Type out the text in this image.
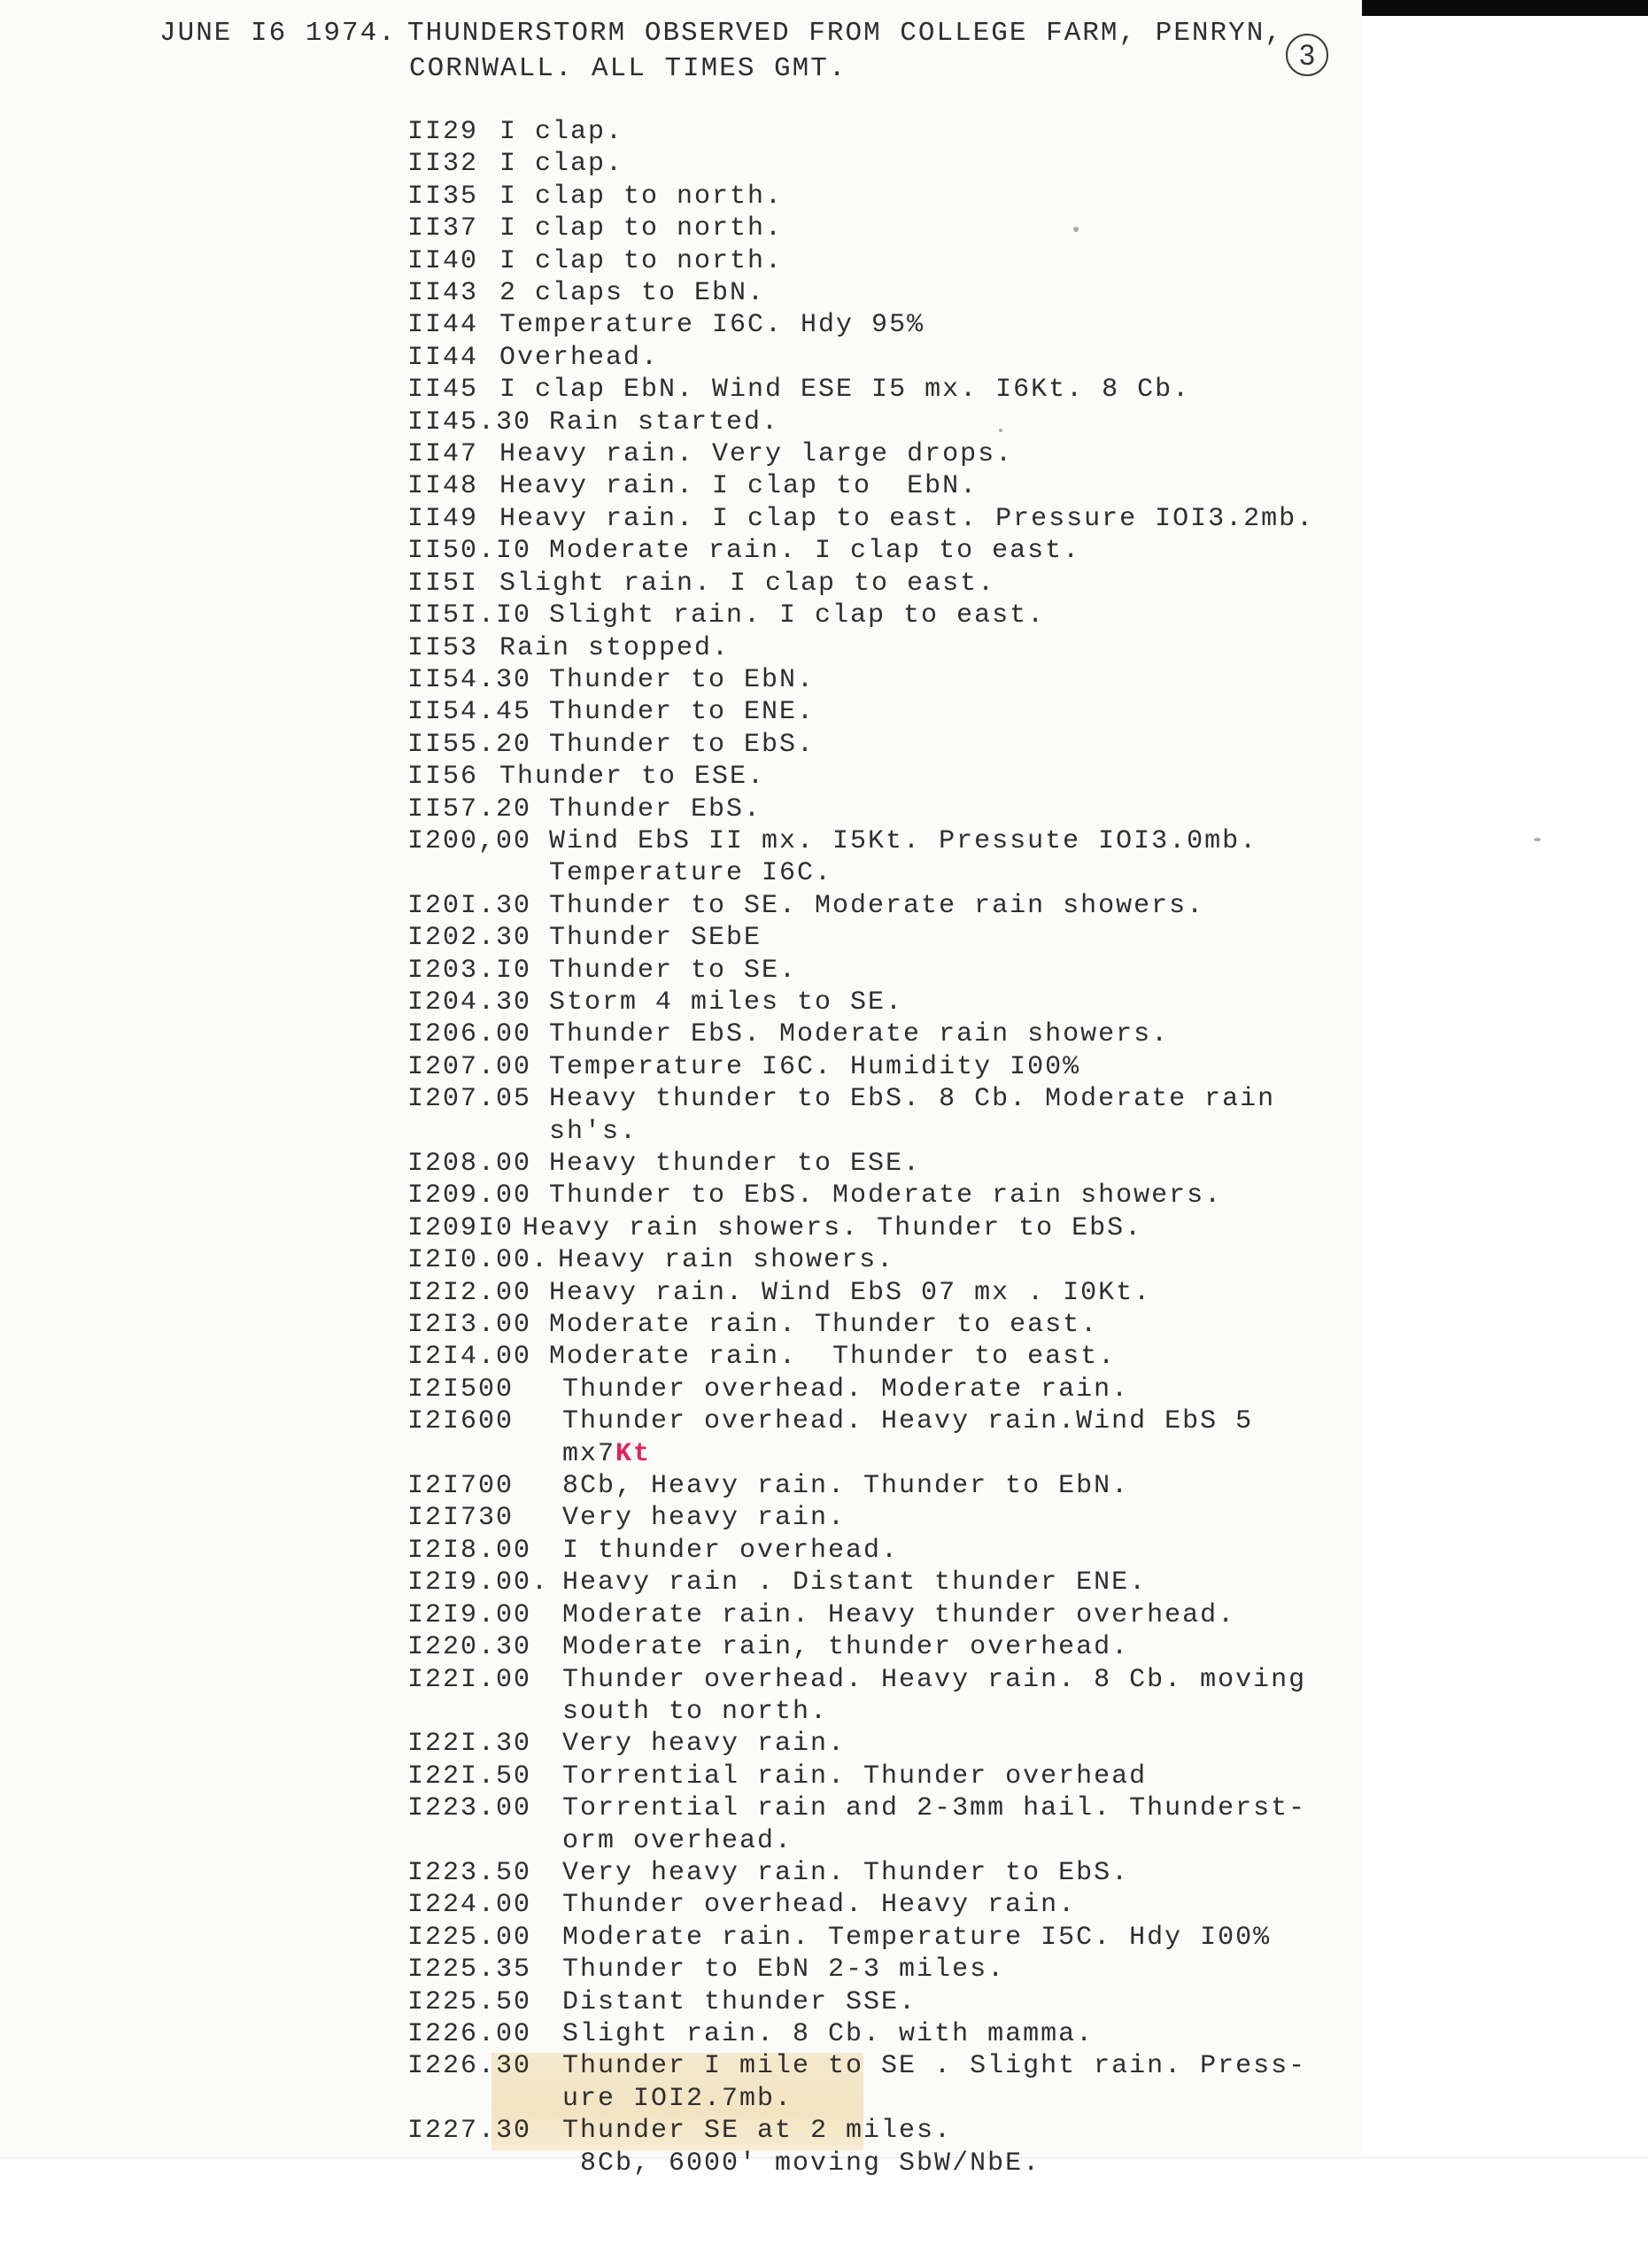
JUNE I6 1974. THUNDERSTORM OBSERVED FROM COLLEGE FARM, PENRYN,
CORNWALL. ALL TIMES GMT.	3
II29 I clap.
II32 I clap.
II35 I clap to north.
II37 I clap to north.
II40 I clap to north.
II43 2 claps to EbN.
II44 Temperature I6C. Hdy 95%
II44 Overhead.
II45 I clap EbN. Wind ESE I5 mx. I6Kt. 8 Cb.
II45.30 Rain started.
II47 Heavy rain. Very large drops.
II48 Heavy rain. I clap to  EbN.
II49 Heavy rain. I clap to east. Pressure IOI3.2mb.
II50.I0 Moderate rain. I clap to east.
II5I Slight rain. I clap to east.
II5I.I0 Slight rain. I clap to east.
II53 Rain stopped.
II54.30 Thunder to EbN.
II54.45 Thunder to ENE.
II55.20 Thunder to EbS.
II56 Thunder to ESE.
II57.20 Thunder EbS.
I200,00 Wind EbS II mx. I5Kt. Pressute IOI3.0mb.
Temperature I6C.
I20I.30 Thunder to SE. Moderate rain showers.
I202.30 Thunder SEbE
I203.I0 Thunder to SE.
I204.30 Storm 4 miles to SE.
I206.00 Thunder EbS. Moderate rain showers.
I207.00 Temperature I6C. Humidity I00%
I207.05 Heavy thunder to EbS. 8 Cb. Moderate rain sh's.
I208.00 Heavy thunder to ESE.
I209.00 Thunder to EbS. Moderate rain showers.
I209I0 Heavy rain showers. Thunder to EbS.
I2I0.00. Heavy rain showers.
I2I2.00 Heavy rain. Wind EbS 07 mx . I0Kt.
I2I3.00 Moderate rain. Thunder to east.
I2I4.00 Moderate rain.  Thunder to east.
I2I500	Thunder overhead. Moderate rain.
I2I600	Thunder overhead. Heavy rain.Wind EbS 5 mx7Kt
I2I700	8Cb, Heavy rain. Thunder to EbN.
I2I730	Very heavy rain.
I2I8.00	I thunder overhead.
I2I9.00. Heavy rain . Distant thunder ENE.
I2I9.00	Moderate rain. Heavy thunder overhead.
I220.30	Moderate rain, thunder overhead.
I22I.00	Thunder overhead. Heavy rain. 8 Cb. moving
south to north.
I22I.30	Very heavy rain.
I22I.50	Torrential rain. Thunder overhead
I223.00	Torrential rain and 2-3mm hail. Thunderst-
orm overhead.
I223.50	Very heavy rain. Thunder to EbS.
I224.00	Thunder overhead. Heavy rain.
I225.00	Moderate rain. Temperature I5C. Hdy I00%
I225.35	Thunder to EbN 2-3 miles.
I225.50	Distant thunder SSE.
I226.00	Slight rain. 8 Cb. with mamma.
I226.30	Thunder I mile to SE . Slight rain. Press-
ure IOI2.7mb.
I227.30	Thunder SE at 2 miles.
8Cb, 6000' moving SbW/NbE.
